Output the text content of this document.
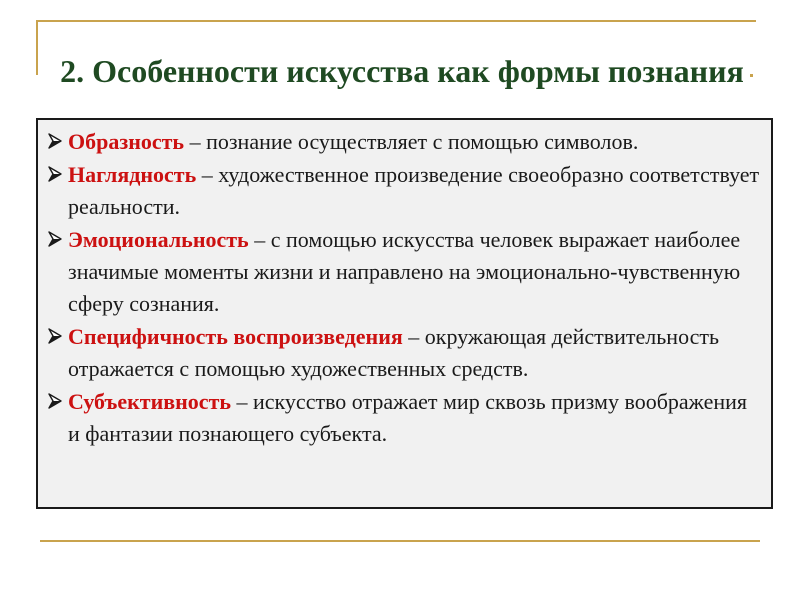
2. Особенности искусства как формы познания
Образность – познание осуществляет с помощью символов.
Наглядность – художественное произведение своеобразно соответствует реальности.
Эмоциональность – с помощью искусства человек выражает наиболее значимые моменты жизни и направлено на эмоционально-чувственную сферу сознания.
Специфичность воспроизведения – окружающая действительность отражается с помощью художественных средств.
Субъективность – искусство отражает мир сквозь призму воображения и фантазии познающего субъекта.
